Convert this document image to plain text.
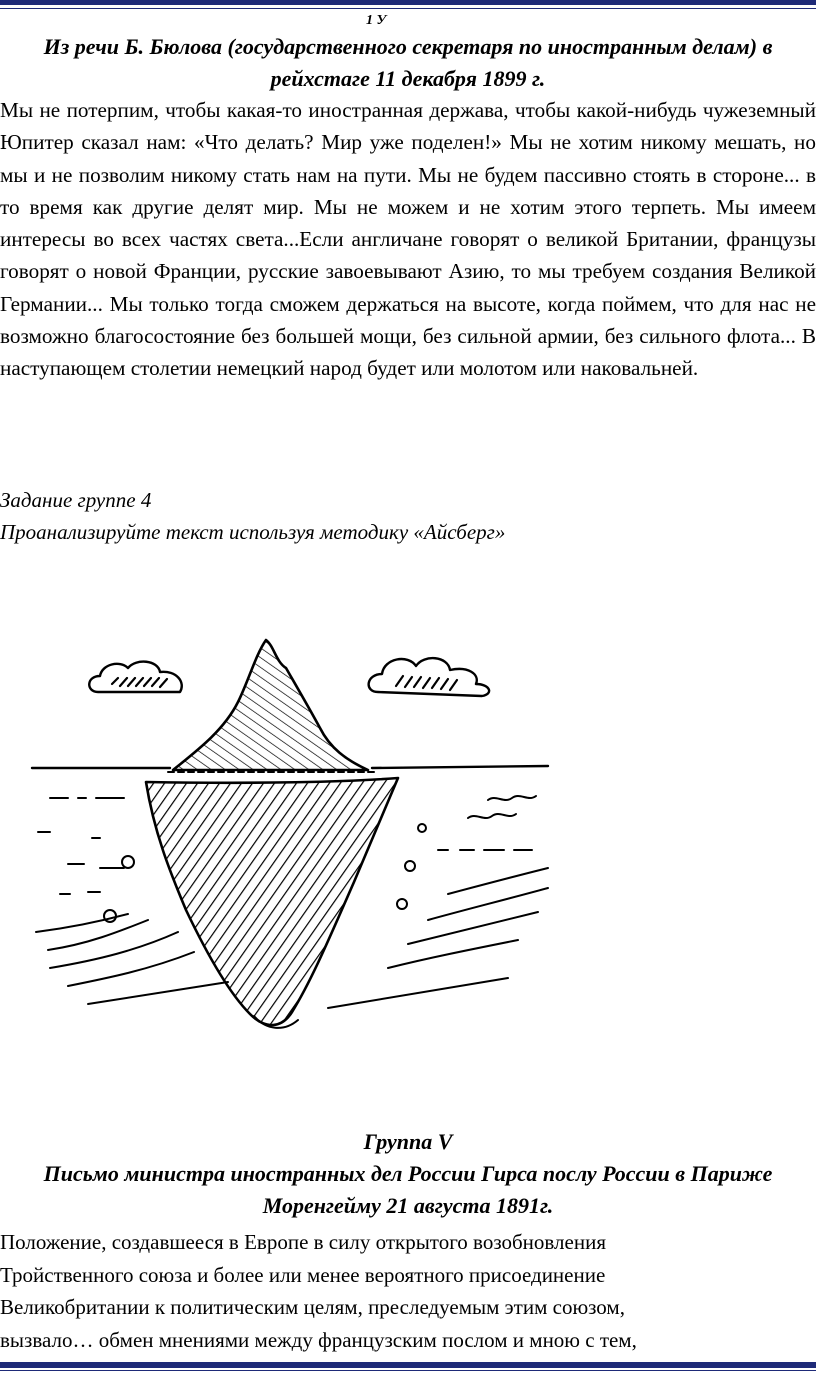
1 У
Из речи Б. Бюлова (государственного секретаря по иностранным делам) в рейхстаге 11 декабря 1899 г.

Мы не потерпим, чтобы какая-то иностранная держава, чтобы какой-нибудь чужеземный Юпитер сказал нам: «Что делать? Мир уже поделен!» Мы не хотим никому мешать, но мы и не позволим никому стать нам на пути. Мы не будем пассивно стоять в стороне... в то время как другие делят мир. Мы не можем и не хотим этого терпеть. Мы имеем интересы во всех частях света...Если англичане говорят о великой Британии, французы говорят о новой Франции, русские завоевывают Азию, то мы требуем создания Великой Германии... Мы только тогда сможем держаться на высоте, когда поймем, что для нас не возможно благосостояние без большей мощи, без сильной армии, без сильного флота... В наступающем столетии немецкий народ будет или молотом или наковальней.

Задание группе 4
Проанализируйте текст используя методику «Айсберг»
Группа V
Письмо министра иностранных дел России Гирса послу России в Париже Моренгейму 21 августа 1891г.

Положение, создавшееся в Европе в силу открытого возобновления

Тройственного союза и более или менее вероятного присоединение

Великобритании к политическим целям, преследуемым этим союзом,

вызвало… обмен мнениями между французским послом и мною с тем,
